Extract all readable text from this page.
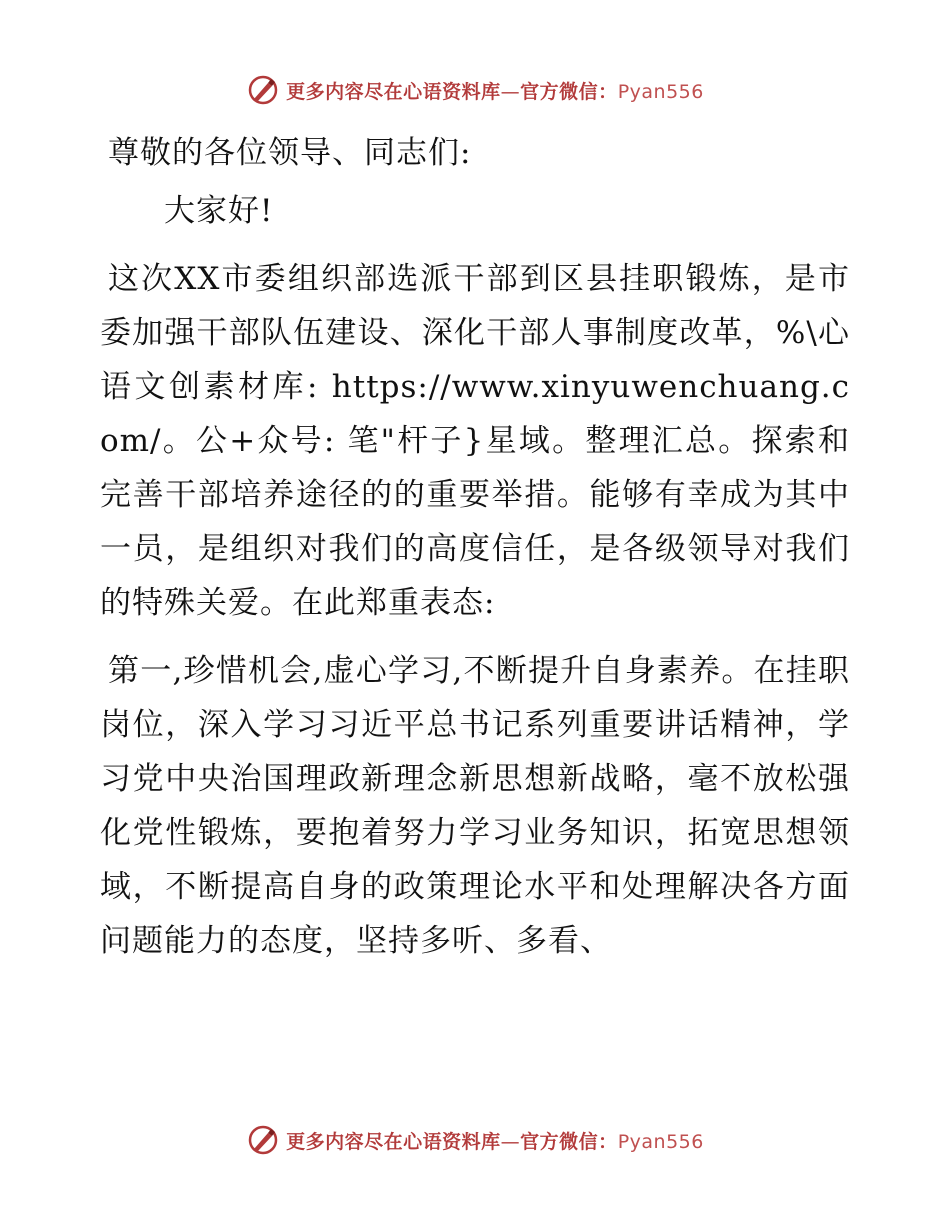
更多内容尽在心语资料库—官方微信：Pyan556

尊敬的各位领导、同志们:

大家好!

这次XX市委组织部选派干部到区县挂职锻炼，是市委加强干部队伍建设、深化干部人事制度改革，%\心语文创素材库: https://www.xinyuwenchuang.com/。公+众号: 笔"杆子}星域。整理汇总。探索和完善干部培养途径的的重要举措。能够有幸成为其中一员，是组织对我们的高度信任，是各级领导对我们的特殊关爱。在此郑重表态:

第一,珍惜机会,虚心学习,不断提升自身素养。在挂职岗位，深入学习习近平总书记系列重要讲话精神，学习党中央治国理政新理念新思想新战略，毫不放松强化党性锻炼，要抱着努力学习业务知识，拓宽思想领域，不断提高自身的政策理论水平和处理解决各方面问题能力的态度，坚持多听、多看、

更多内容尽在心语资料库—官方微信：Pyan556
